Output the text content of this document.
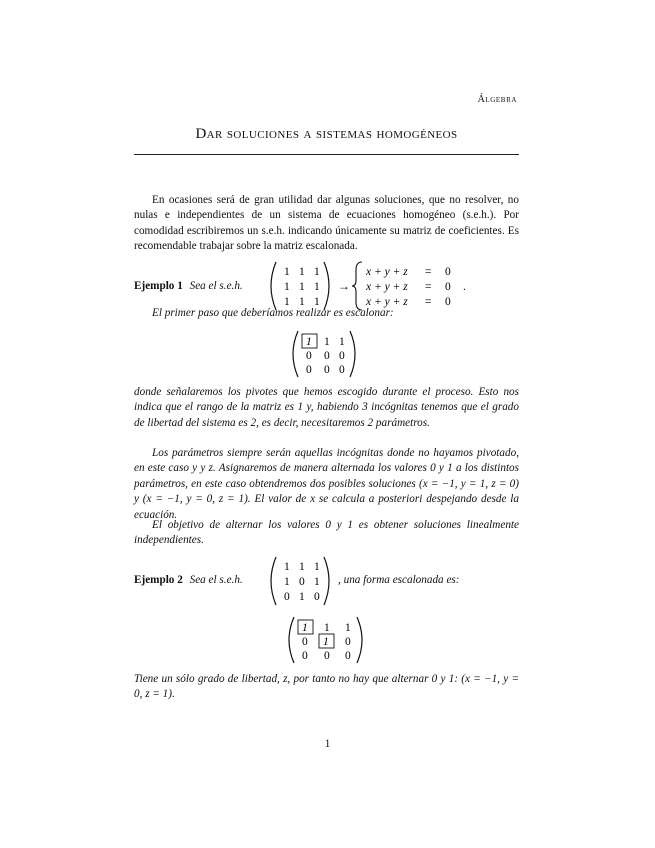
Álgebra
Dar soluciones a sistemas homogéneos
En ocasiones será de gran utilidad dar algunas soluciones, que no resolver, no nulas e independientes de un sistema de ecuaciones homogéneo (s.e.h.). Por comodidad escribiremos un s.e.h. indicando únicamente su matriz de coeficientes. Es recomendable trabajar sobre la matriz escalonada.
Ejemplo 1 Sea el s.e.h.
1 1 1
1 1 1
1 1 1
→
x + y + z
x + y + z
x + y + z
=
=
=
0
0
0
.
El primer paso que deberíamos realizar es escalonar:
1 1 1
0 0 0
0 0 0
donde señalaremos los pivotes que hemos escogido durante el proceso. Esto nos indica que el rango de la matriz es 1 y, habiendo 3 incógnitas tenemos que el grado de libertad del sistema es 2, es decir, necesitaremos 2 parámetros.
Los parámetros siempre serán aquellas incógnitas donde no hayamos pivotado, en este caso y y z. Asignaremos de manera alternada los valores 0 y 1 a los distintos parámetros, en este caso obtendremos dos posibles soluciones (x = −1, y = 1, z = 0) y (x = −1, y = 0, z = 1). El valor de x se calcula a posteriori despejando desde la ecuación.
El objetivo de alternar los valores 0 y 1 es obtener soluciones linealmente independientes.
Ejemplo 2 Sea el s.e.h.
1 1 1
1 0 1
0 1 0
, una forma escalonada es:
1 1 1
0 1 0
0 0 0
Tiene un sólo grado de libertad, z, por tanto no hay que alternar 0 y 1: (x = −1, y = 0, z = 1).
1
